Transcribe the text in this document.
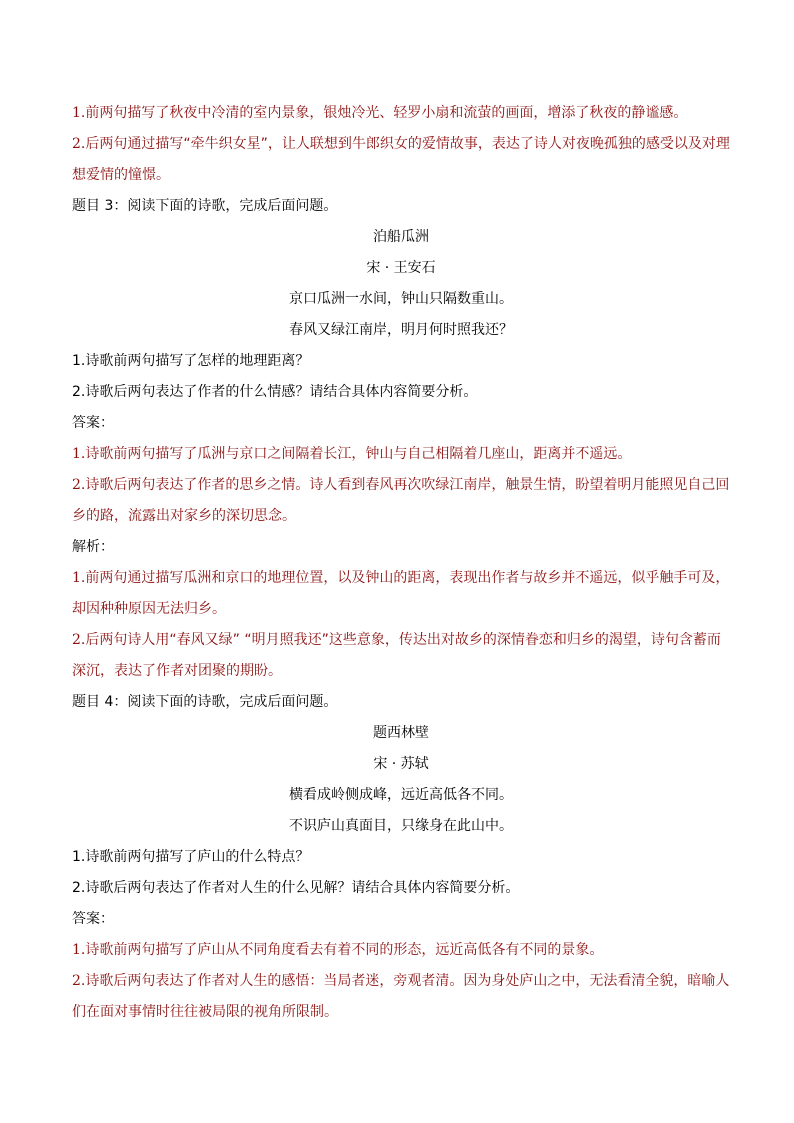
1.前两句描写了秋夜中冷清的室内景象，银烛冷光、轻罗小扇和流萤的画面，增添了秋夜的静谧感。
2.后两句通过描写“牵牛织女星”，让人联想到牛郎织女的爱情故事，表达了诗人对夜晚孤独的感受以及对理想爱情的憧憬。
题目 3：阅读下面的诗歌，完成后面问题。
泊船瓜洲
宋 · 王安石
京口瓜洲一水间，钟山只隔数重山。
春风又绿江南岸，明月何时照我还？
1.诗歌前两句描写了怎样的地理距离？
2.诗歌后两句表达了作者的什么情感？请结合具体内容简要分析。
答案：
1.诗歌前两句描写了瓜洲与京口之间隔着长江，钟山与自己相隔着几座山，距离并不遥远。
2.诗歌后两句表达了作者的思乡之情。诗人看到春风再次吹绿江南岸，触景生情，盼望着明月能照见自己回乡的路，流露出对家乡的深切思念。
解析：
1.前两句通过描写瓜洲和京口的地理位置，以及钟山的距离，表现出作者与故乡并不遥远，似乎触手可及，却因种种原因无法归乡。
2.后两句诗人用“春风又绿” “明月照我还”这些意象，传达出对故乡的深情眷恋和归乡的渴望，诗句含蓄而深沉，表达了作者对团聚的期盼。
题目 4：阅读下面的诗歌，完成后面问题。
题西林壁
宋 · 苏轼
横看成岭侧成峰，远近高低各不同。
不识庐山真面目，只缘身在此山中。
1.诗歌前两句描写了庐山的什么特点？
2.诗歌后两句表达了作者对人生的什么见解？请结合具体内容简要分析。
答案：
1.诗歌前两句描写了庐山从不同角度看去有着不同的形态，远近高低各有不同的景象。
2.诗歌后两句表达了作者对人生的感悟：当局者迷，旁观者清。因为身处庐山之中，无法看清全貌，暗喻人们在面对事情时往往被局限的视角所限制。
